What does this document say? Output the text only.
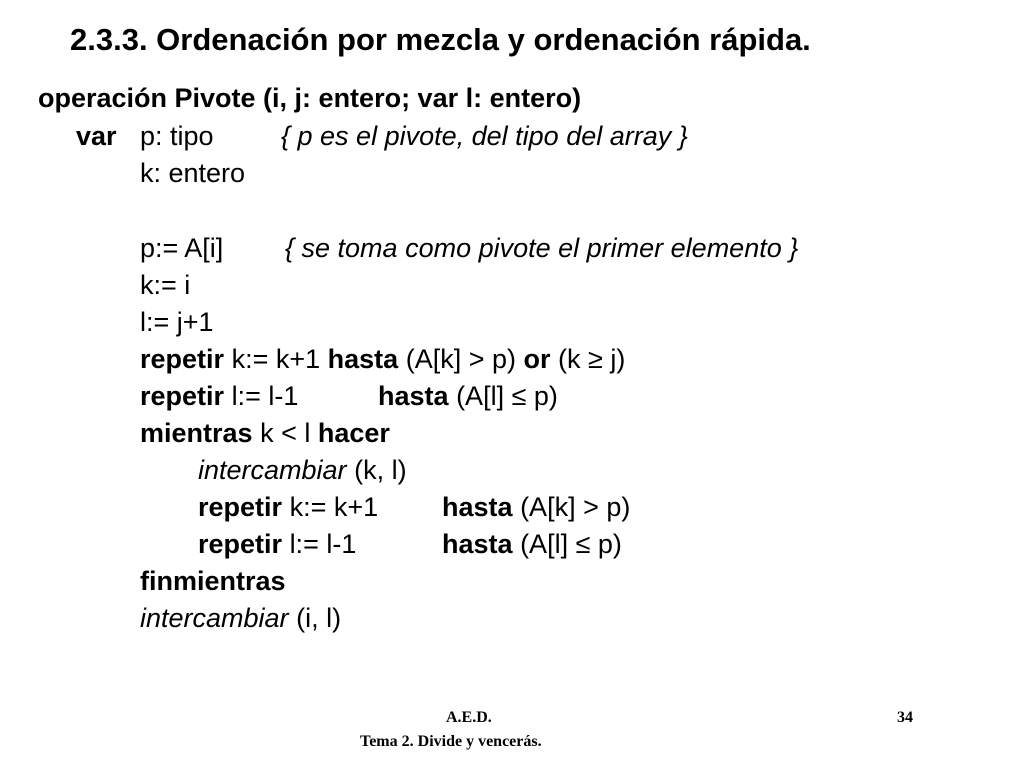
2.3.3. Ordenación por mezcla y ordenación rápida.
operación Pivote (i, j: entero; var l: entero)
var p: tipo { p es el pivote, del tipo del array }
k: entero
p:= A[i] { se toma como pivote el primer elemento }
k:= i
l:= j+1
repetir k:= k+1 hasta (A[k] > p) or (k ≥ j)
repetir l:= l-1	hasta (A[l] ≤ p)
mientras k < l hacer
intercambiar (k, l)
repetir k:= k+1 hasta (A[k] > p)
repetir l:= l-1	hasta (A[l] ≤ p)
finmientras
intercambiar (i, l)
A.E.D.
Tema 2. Divide y vencerás.
34
